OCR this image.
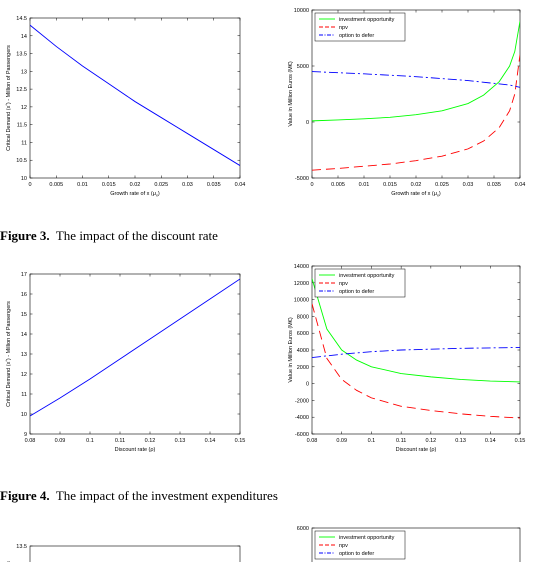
10
10.5
11
11.5
12
12.5
13
13.5
14
14.5
0	0.005	0.01	0.015	0.02	0.025	0.03	0.035	0.04
Growth rate of x $(\mu_x)$
Critical Demand (x*) - Million of Passengers
-5000
0
5000
10000
0	0.005	0.01	0.015	0.02	0.025	0.03	0.035	0.04
Growth rate of x $(\mu_x)$
Value in Million Euros (M€)
investment opportunity
npv
option to defer
Figure 3. The impact of the discount rate
9
10
11
12
13
14
15
16
17
0.08	0.09	0.1	0.11	0.12	0.13	0.14	0.15
Discount rate (ρ)
Critical Demand (x*) - Million of Passengers
-6000
-4000
-2000
0
2000
4000
6000
8000
10000
12000
14000
0.08	0.09	0.1	0.11	0.12	0.13	0.14	0.15
Discount rate (ρ)
Value in Million Euros (M€)
investment opportunity
npv
option to defer
Figure 4. The impact of the investment expenditures
13.5
6000
investment opportunity
npv
option to defer
